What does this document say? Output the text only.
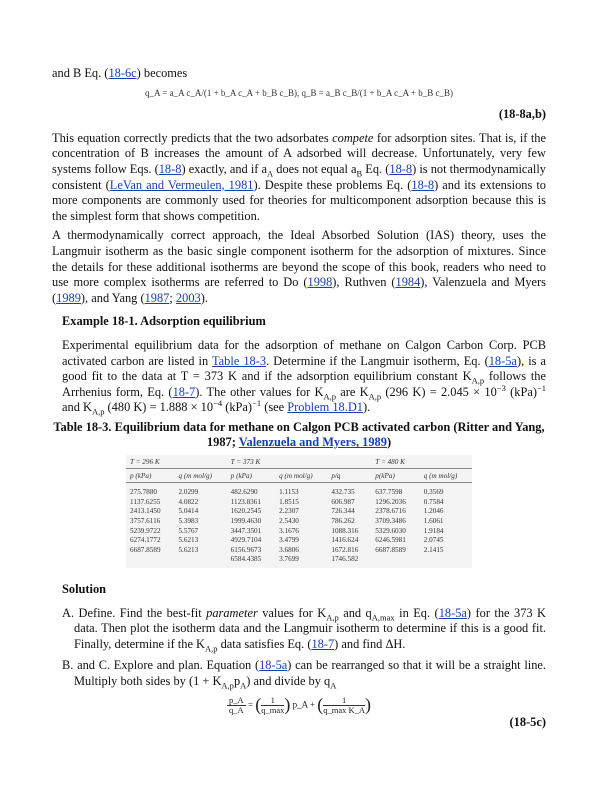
and B Eq. (18-6c) becomes

q_A = a_A c_A/(1 + b_A c_A + b_B c_B), q_B = a_B c_B/(1 + b_A c_A + b_B c_B)
(18-8a,b)

This equation correctly predicts that the two adsorbates compete for adsorption sites. That is, if the concentration of B increases the amount of A adsorbed will decrease. Unfortunately, very few systems follow Eqs. (18-8) exactly, and if $a_A$ does not equal $a_B$ Eq. (18-8) is not thermodynamically consistent (LeVan and Vermeulen, 1981). Despite these problems Eq. (18-8) and its extensions to more components are commonly used for theories for multicomponent adsorption because this is the simplest form that shows competition.

A thermodynamically correct approach, the Ideal Absorbed Solution (IAS) theory, uses the Langmuir isotherm as the basic single component isotherm for the adsorption of mixtures. Since the details for these additional isotherms are beyond the scope of this book, readers who need to use more complex isotherms are referred to Do (1998), Ruthven (1984), Valenzuela and Myers (1989), and Yang (1987; 2003).

Example 18-1. Adsorption equilibrium

Experimental equilibrium data for the adsorption of methane on Calgon Carbon Corp. PCB activated carbon are listed in Table 18-3. Determine if the Langmuir isotherm, Eq. (18-5a), is a good fit to the data at T = 373 K and if the adsorption equilibrium constant $K_{A,p}$ follows the Arrhenius form, Eq. (18-7). The other values for $K_{A,p}$ are $K_{A,p}$ (296 $K) = 2.045 \times 10^{-3}$ (kPa)$^{-1}$ and $K_{A,p}$ (480 $K) = 1.888 \times 10^{-4}$ (kPa)$^{-1}$ (see Problem 18.D1).

Table 18-3. Equilibrium data for methane on Calgon PCB activated carbon (Ritter and Yang, 1987; Valenzuela and Myers, 1989)
T = 296 K		T = 373 K			T = 480 K	
p (kPa)	q (m mol/g)	p (kPa)	q (m mol/g)	p/q	p(kPa)	q (m mol/g)
275.7880	2.0299	482.6290	1.1153	432.735	637.7598	0.3569
1137.6255	4.0822	1123.8361	1.8515	606.987	1296.2036	0.7584
2413.1450	5.0414	1620.2545	2.2307	726.344	2378.6716	1.2046
3757.6116	5.3983	1999.4630	2.5430	786.262	3709.3486	1.6061
5239.9722	5.5767	3447.3501	3.1676	1088.316	5329.6030	1.9184
6274.1772	5.6213	4929.7104	3.4799	1416.624	6246.5981	2.0745
6687.8589	5.6213	6156.9673	3.6806	1672.816	6687.8589	2.1415
		6584.4385	3.7699	1746.582		
Solution

A. Define. Find the best-fit parameter values for $K_{A,p}$ and $q_{A,max}$ in Eq. (18-5a) for the 373 K data. Then plot the isotherm data and the Langmuir isotherm to determine if this is a good fit. Finally, determine if the $K_{A,p}$ data satisfies Eq. (18-7) and find ΔH.

B. and C. Explore and plan. Equation (18-5a) can be rearranged so that it will be a straight line. Multiply both sides by $(1 + K_{A,p}p_A)$ and divide by $q_A$

$\frac{p\_A}{q\_A}$ = ( $\frac{1}{q\_\max}$ ) p_A + ( $\frac{1}{\text{q\_max K\_A}}$ )
(18-5c)
